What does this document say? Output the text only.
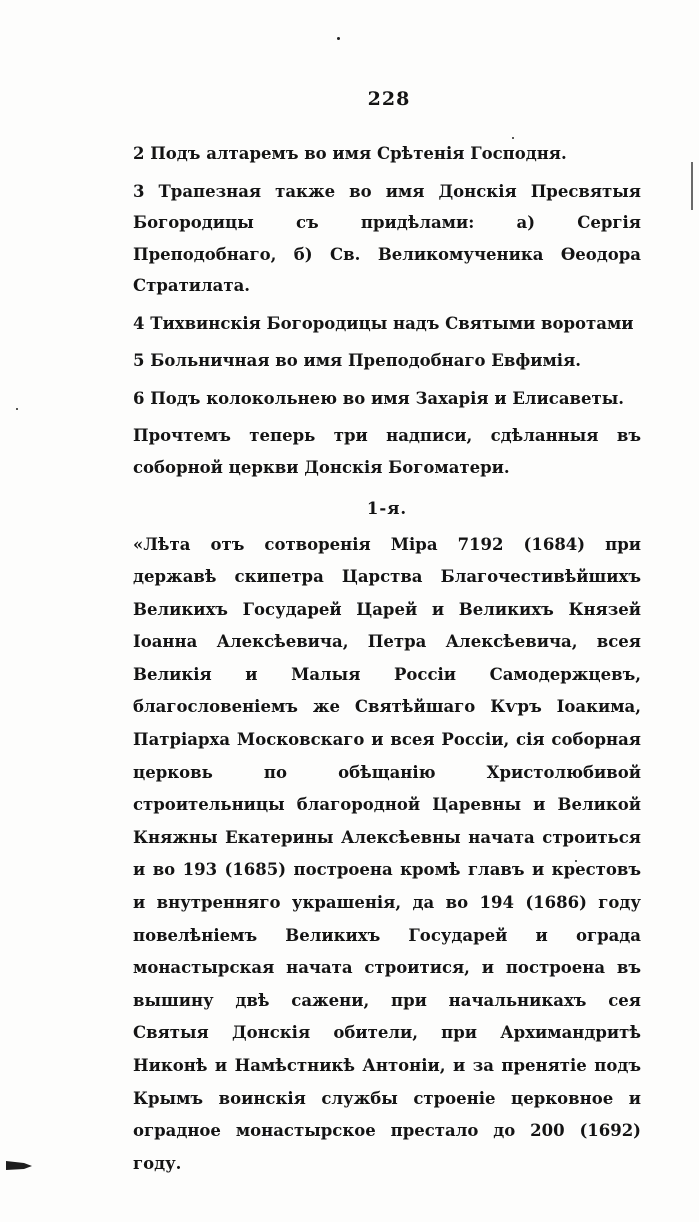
228

2 Подъ алтаремъ во имя Срѣтенія Господня.

3 Трапезная также во имя Донскія Пресвятыя Богородицы съ придѣлами: а) Сергія Преподобнаго, б) Св. Великомученика Ѳеодора Стратилата.

4 Тихвинскія Богородицы надъ Святыми воротами

5 Больничная во имя Преподобнаго Евфимія.

6 Подъ колокольнею во имя Захарія и Елисаветы.

Прочтемъ теперь три надписи, сдѣланныя въ соборной церкви Донскія Богоматери.

1-я.

«Лѣта отъ сотворенія Міра 7192 (1684) при державѣ скипетра Царства Благочестивѣйшихъ Великихъ Государей Царей и Великихъ Князей Іоанна Алексѣевича, Петра Алексѣевича, всея Великія и Малыя Россіи Самодержцевъ, благословеніемъ же Святѣйшаго Кѵръ Іоакима, Патріарха Московскаго и всея Россіи, сія соборная церковь по обѣщанію Христолюбивой строительницы благородной Царевны и Великой Княжны Екатерины Алексѣевны начата строиться и во 193 (1685) построена кромѣ главъ и крестовъ и внутренняго украшенія, да во 194 (1686) году повелѣніемъ Великихъ Государей и ограда монастырская начата строитися, и построена въ вышину двѣ сажени, при начальникахъ сея Святыя Донскія обители, при Архимандритѣ Никонѣ и Намѣстникѣ Антоніи, и за пренятіе подъ Крымъ воинскія службы строеніе церковное и оградное монастырское престало до 200 (1692) году.
